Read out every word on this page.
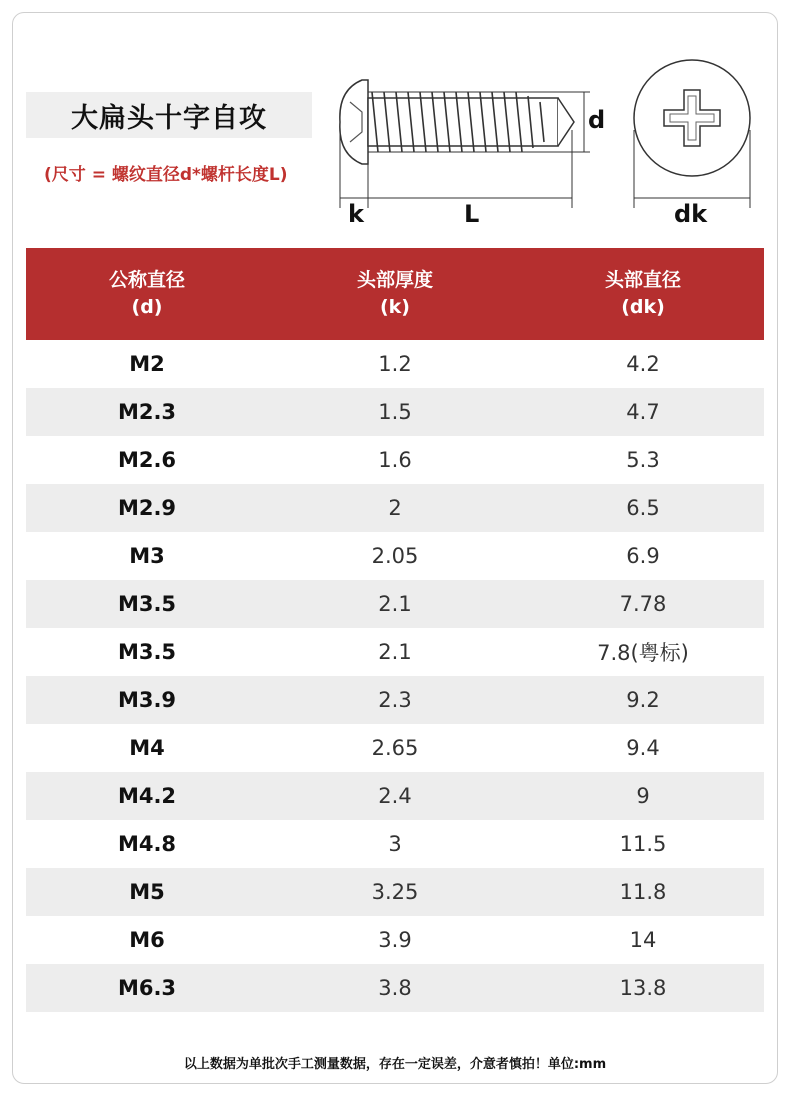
大扁头十字自攻
(尺寸 = 螺纹直径d*螺杆长度L)
k	L
d
dk
公称直径
(d)
头部厚度
(k)
头部直径
(dk)
M2	1.2	4.2
M2.3	1.5	4.7
M2.6	1.6	5.3
M2.9	2	6.5
M3	2.05	6.9
M3.5	2.1	7.78
M3.5	2.1	7.8(粤标)
M3.9	2.3	9.2
M4	2.65	9.4
M4.2	2.4	9
M4.8	3	11.5
M5	3.25	11.8
M6	3.9	14
M6.3	3.8	13.8
以上数据为单批次手工测量数据，存在一定误差，介意者慎拍！单位:mm
